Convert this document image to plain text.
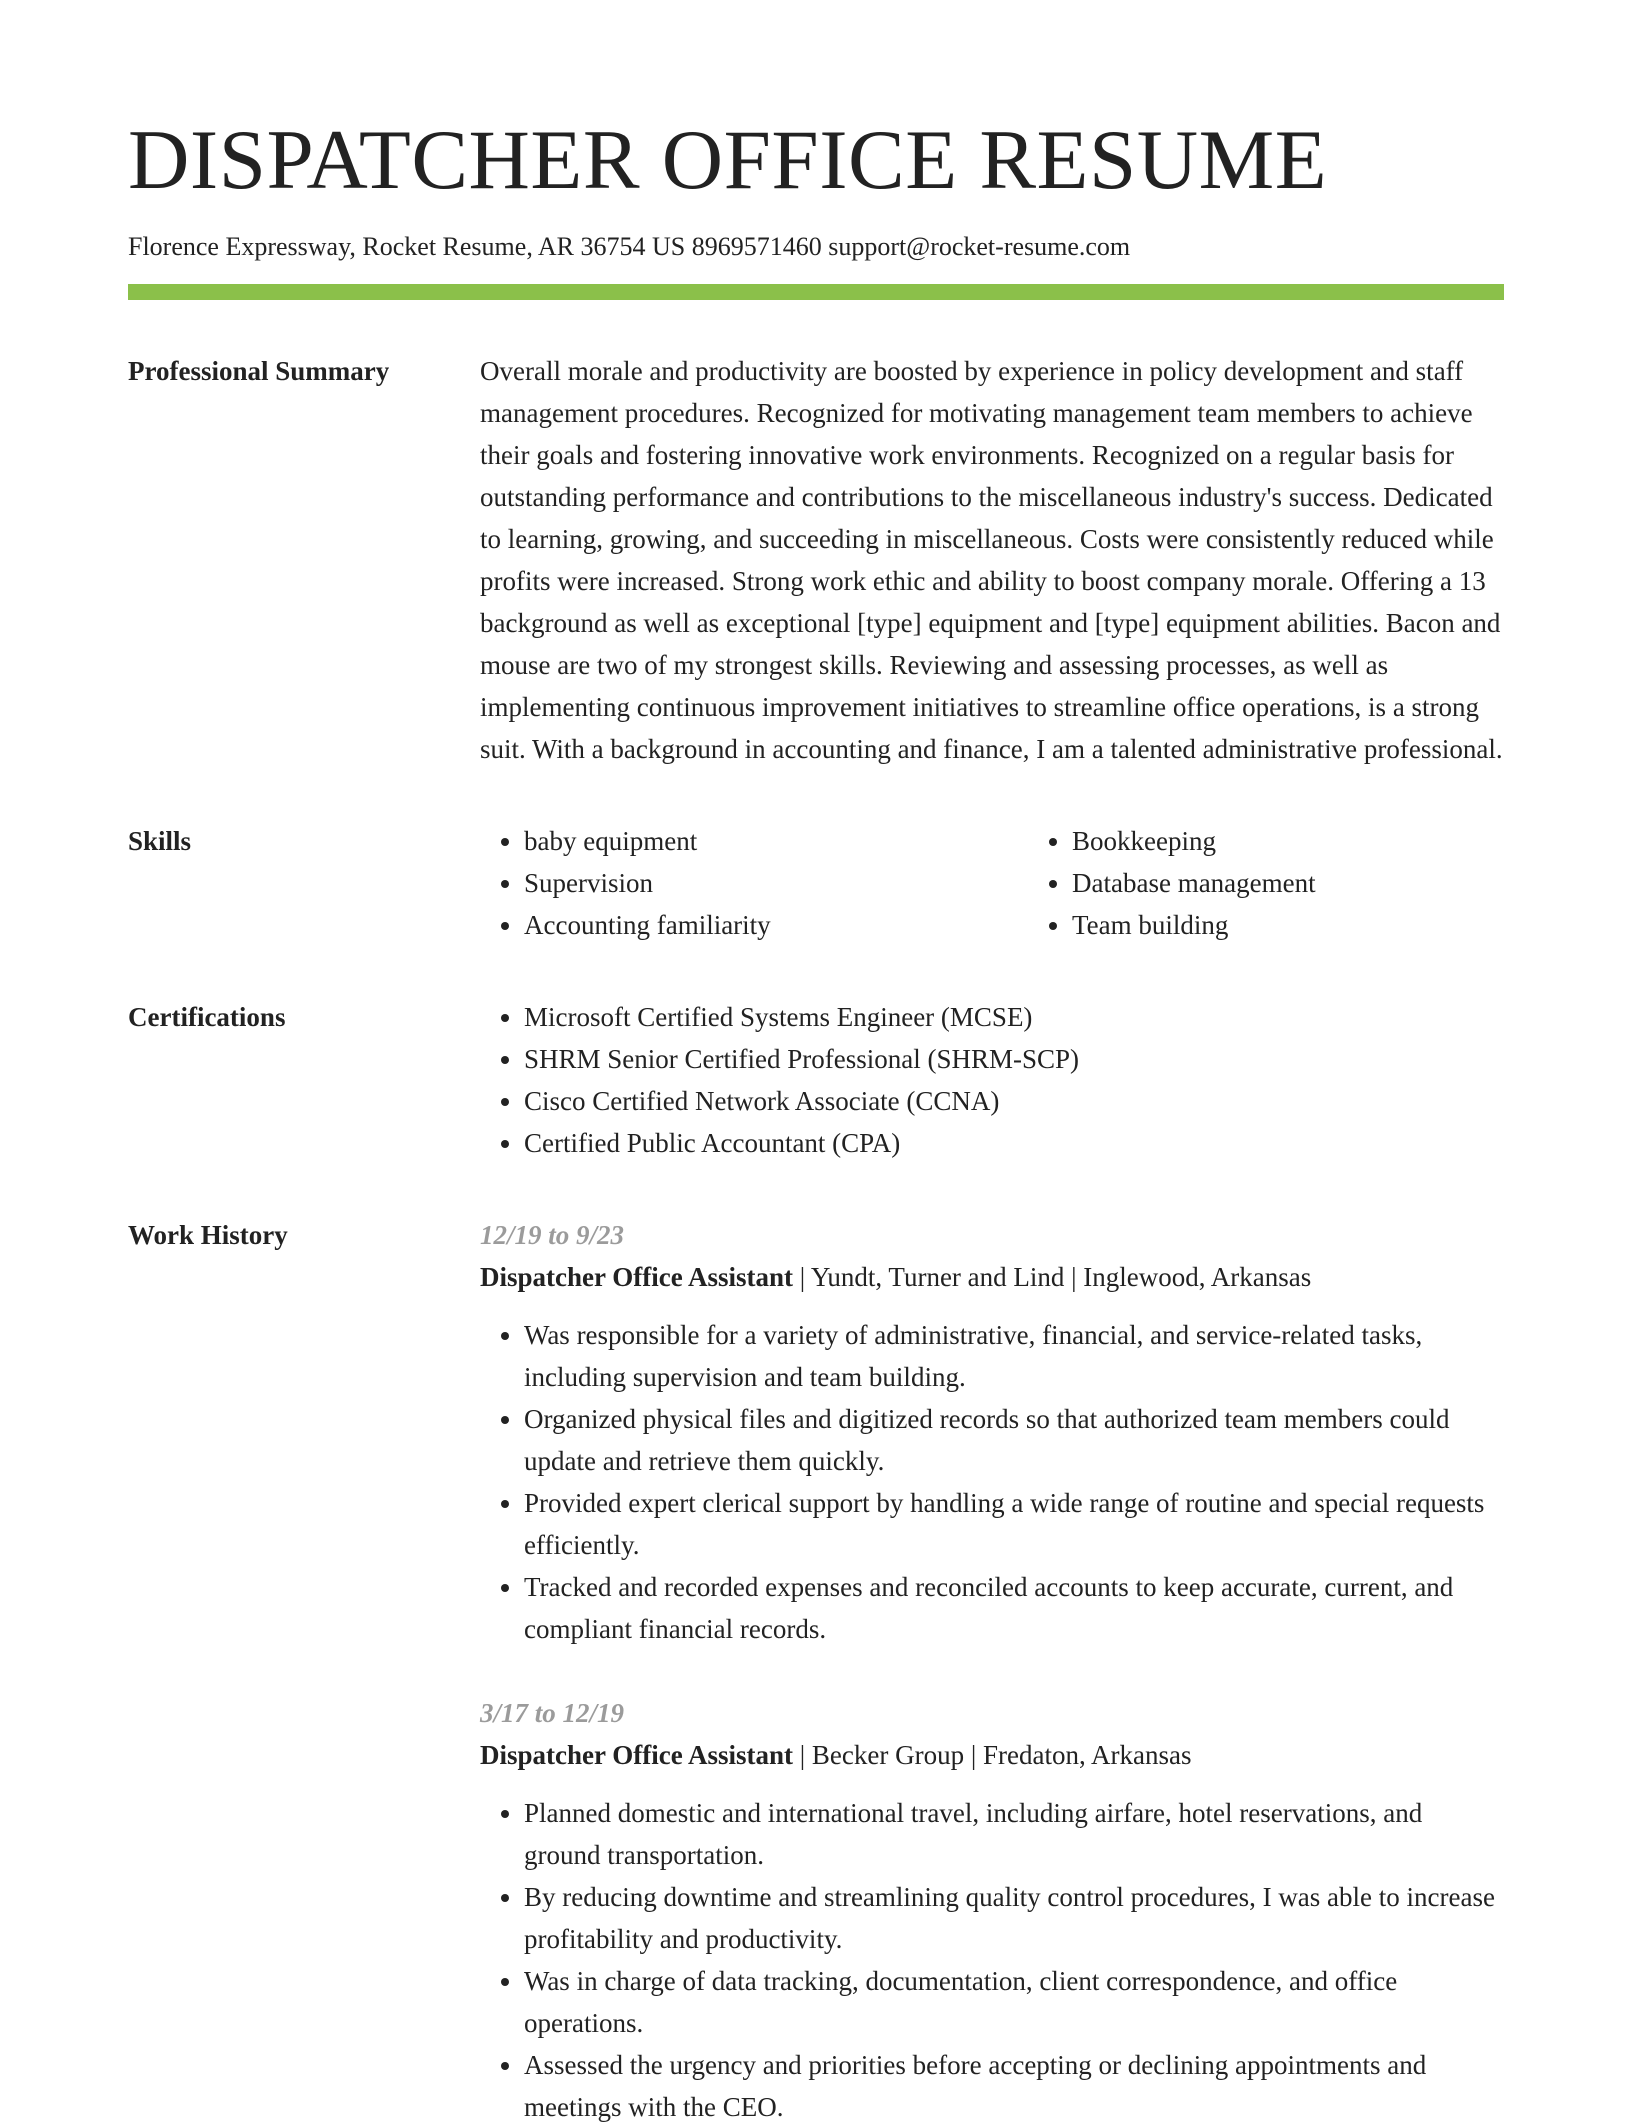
DISPATCHER OFFICE RESUME
Florence Expressway, Rocket Resume, AR 36754 US 8969571460 support@rocket-resume.com
Professional Summary	Overall morale and productivity are boosted by experience in policy development and staff management procedures. Recognized for motivating management team members to achieve their goals and fostering innovative work environments. Recognized on a regular basis for outstanding performance and contributions to the miscellaneous industry's success. Dedicated to learning, growing, and succeeding in miscellaneous. Costs were consistently reduced while profits were increased. Strong work ethic and ability to boost company morale. Offering a 13 background as well as exceptional [type] equipment and [type] equipment abilities. Bacon and mouse are two of my strongest skills. Reviewing and assessing processes, as well as implementing continuous improvement initiatives to streamline office operations, is a strong suit. With a background in accounting and finance, I am a talented administrative professional.

Skills	• baby equipment
• Supervision
• Accounting familiarity
• Bookkeeping
• Database management
• Team building
Certifications	• Microsoft Certified Systems Engineer (MCSE)
• SHRM Senior Certified Professional (SHRM-SCP)
• Cisco Certified Network Associate (CCNA)
• Certified Public Accountant (CPA)
Work History	12/19 to 9/23
Dispatcher Office Assistant | Yundt, Turner and Lind | Inglewood, Arkansas
• Was responsible for a variety of administrative, financial, and service-related tasks, including supervision and team building.
• Organized physical files and digitized records so that authorized team members could update and retrieve them quickly.
• Provided expert clerical support by handling a wide range of routine and special requests efficiently.
• Tracked and recorded expenses and reconciled accounts to keep accurate, current, and compliant financial records.
3/17 to 12/19
Dispatcher Office Assistant | Becker Group | Fredaton, Arkansas
• Planned domestic and international travel, including airfare, hotel reservations, and ground transportation.
• By reducing downtime and streamlining quality control procedures, I was able to increase profitability and productivity.
• Was in charge of data tracking, documentation, client correspondence, and office operations.
• Assessed the urgency and priorities before accepting or declining appointments and meetings with the CEO.
